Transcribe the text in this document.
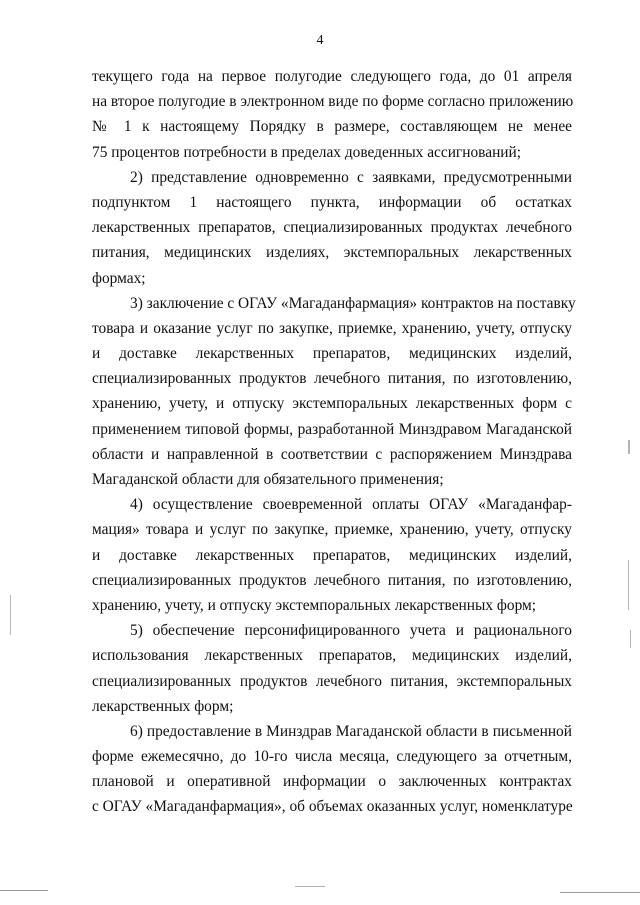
4
текущего года на первое полугодие следующего года, до 01 апреля
на второе полугодие в электронном виде по форме согласно приложению
№ 1 к настоящему Порядку в размере, составляющем не менее
75 процентов потребности в пределах доведенных ассигнований;
2) представление одновременно с заявками, предусмотренными
подпунктом 1 настоящего пункта, информации об остатках
лекарственных препаратов, специализированных продуктах лечебного
питания, медицинских изделиях, экстемпоральных лекарственных
формах;
3) заключение с ОГАУ «Магаданфармация» контрактов на поставку
товара и оказание услуг по закупке, приемке, хранению, учету, отпуску
и доставке лекарственных препаратов, медицинских изделий,
специализированных продуктов лечебного питания, по изготовлению,
хранению, учету, и отпуску экстемпоральных лекарственных форм с
применением типовой формы, разработанной Минздравом Магаданской
области и направленной в соответствии с распоряжением Минздрава
Магаданской области для обязательного применения;
4) осуществление своевременной оплаты ОГАУ «Магаданфар-
мация» товара и услуг по закупке, приемке, хранению, учету, отпуску
и доставке лекарственных препаратов, медицинских изделий,
специализированных продуктов лечебного питания, по изготовлению,
хранению, учету, и отпуску экстемпоральных лекарственных форм;
5) обеспечение персонифицированного учета и рационального
использования лекарственных препаратов, медицинских изделий,
специализированных продуктов лечебного питания, экстемпоральных
лекарственных форм;
6) предоставление в Минздрав Магаданской области в письменной
форме ежемесячно, до 10-го числа месяца, следующего за отчетным,
плановой и оперативной информации о заключенных контрактах
с ОГАУ «Магаданфармация», об объемах оказанных услуг, номенклатуре
